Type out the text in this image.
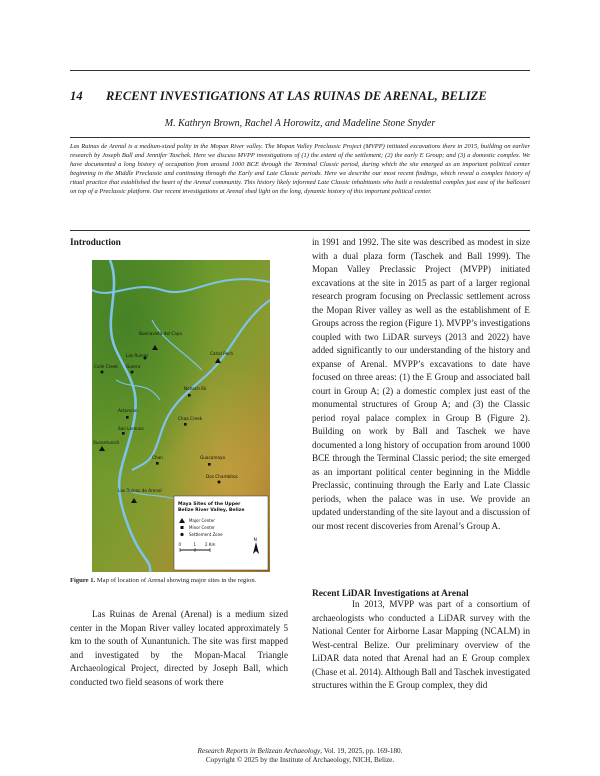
14 RECENT INVESTIGATIONS AT LAS RUINAS DE ARENAL, BELIZE
M. Kathryn Brown, Rachel A Horowitz, and Madeline Stone Snyder
Las Ruinas de Arenal is a medium-sized polity in the Mopan River valley. The Mopan Valley Preclassic Project (MVPP) initiated excavations there in 2015, building on earlier research by Joseph Ball and Jennifer Taschek. Here we discuss MVPP investigations of (1) the extent of the settlement; (2) the early E Group; and (3) a domestic complex. We have documented a long history of occupation from around 1000 BCE through the Terminal Classic period, during which the site emerged as an important political center beginning in the Middle Preclassic and continuing through the Early and Late Classic periods. Here we describe our most recent findings, which reveal a complex history of ritual practice that established the heart of the Arenal community. This history likely informed Late Classic inhabitants who built a residential complex just east of the ballcourt on top of a Preclassic platform. Our recent investigations at Arenal shed light on the long, dynamic history of this important political center.
Introduction
Cahal Pech
Buenavista del Cayo
Las Ruinas
Calle Creek Guerra
Nohoch Ek
Actuncan
Chaa Creek
San Lorenzo
Xunantunich
Chan	Guacamayo
Dos Chambitos
Las Ruinas de Arenal
Maya Sites of the Upper
Belize River Valley, Belize
Major Center
Minor Center
Settlement Zone
0	1 2 Km
N
Figure 1. Map of location of Arenal showing major sites in the region.

Las Ruinas de Arenal (Arenal) is a medium sized center in the Mopan River valley located approximately 5 km to the south of Xunantunich. The site was first mapped and investigated by the Mopan-Macal Triangle Archaeological Project, directed by Joseph Ball, which conducted two field seasons of work there

in 1991 and 1992. The site was described as modest in size with a dual plaza form (Taschek and Ball 1999). The Mopan Valley Preclassic Project (MVPP) initiated excavations at the site in 2015 as part of a larger regional research program focusing on Preclassic settlement across the Mopan River valley as well as the establishment of E Groups across the region (Figure 1). MVPP’s investigations coupled with two LiDAR surveys (2013 and 2022) have added significantly to our understanding of the history and expanse of Arenal. MVPP’s excavations to date have focused on three areas: (1) the E Group and associated ball court in Group A; (2) a domestic complex just east of the monumental structures of Group A; and (3) the Classic period royal palace complex in Group B (Figure 2). Building on work by Ball and Taschek we have documented a long history of occupation from around 1000 BCE through the Terminal Classic period; the site emerged as an important political center beginning in the Middle Preclassic, continuing through the Early and Late Classic periods, when the palace was in use. We provide an updated understanding of the site layout and a discussion of our most recent discoveries from Arenal’s Group A.

Recent LiDAR Investigations at Arenal

In 2013, MVPP was part of a consortium of archaeologists who conducted a LiDAR survey with the National Center for Airborne Lasar Mapping (NCALM) in West-central Belize. Our preliminary overview of the LiDAR data noted that Arenal had an E Group complex (Chase et al. 2014). Although Ball and Taschek investigated structures within the E Group complex, they did

Research Reports in Belizean Archaeology, Vol. 19, 2025, pp. 169-180.
Copyright © 2025 by the Institute of Archaeology, NICH, Belize.
